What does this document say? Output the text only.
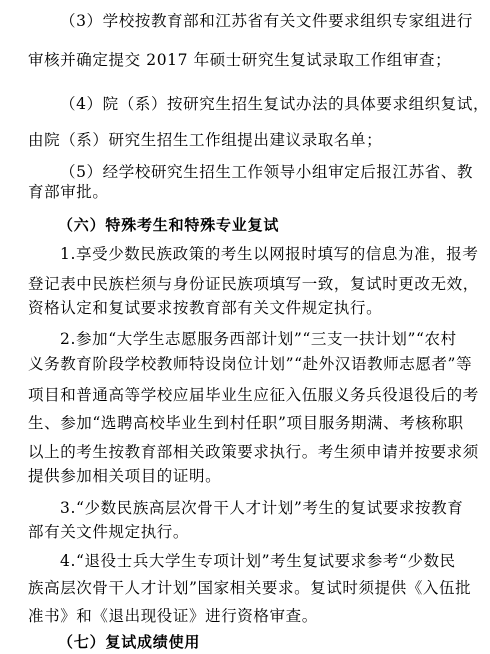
（3）学校按教育部和江苏省有关文件要求组织专家组进行
审核并确定提交 2017 年硕士研究生复试录取工作组审查；
（4）院（系）按研究生招生复试办法的具体要求组织复试，
由院（系）研究生招生工作组提出建议录取名单；
（5）经学校研究生招生工作领导小组审定后报江苏省、教
育部审批。
（六）特殊考生和特殊专业复试
1.享受少数民族政策的考生以网报时填写的信息为准，报考
登记表中民族栏须与身份证民族项填写一致，复试时更改无效，
资格认定和复试要求按教育部有关文件规定执行。
2.参加“大学生志愿服务西部计划”“三支一扶计划”“农村
义务教育阶段学校教师特设岗位计划”“赴外汉语教师志愿者”等
项目和普通高等学校应届毕业生应征入伍服义务兵役退役后的考
生、参加“选聘高校毕业生到村任职”项目服务期满、考核称职
以上的考生按教育部相关政策要求执行。考生须申请并按要求须
提供参加相关项目的证明。
3.“少数民族高层次骨干人才计划”考生的复试要求按教育
部有关文件规定执行。
4.“退役士兵大学生专项计划”考生复试要求参考“少数民
族高层次骨干人才计划”国家相关要求。复试时须提供《入伍批
准书》和《退出现役证》进行资格审查。
（七）复试成绩使用
